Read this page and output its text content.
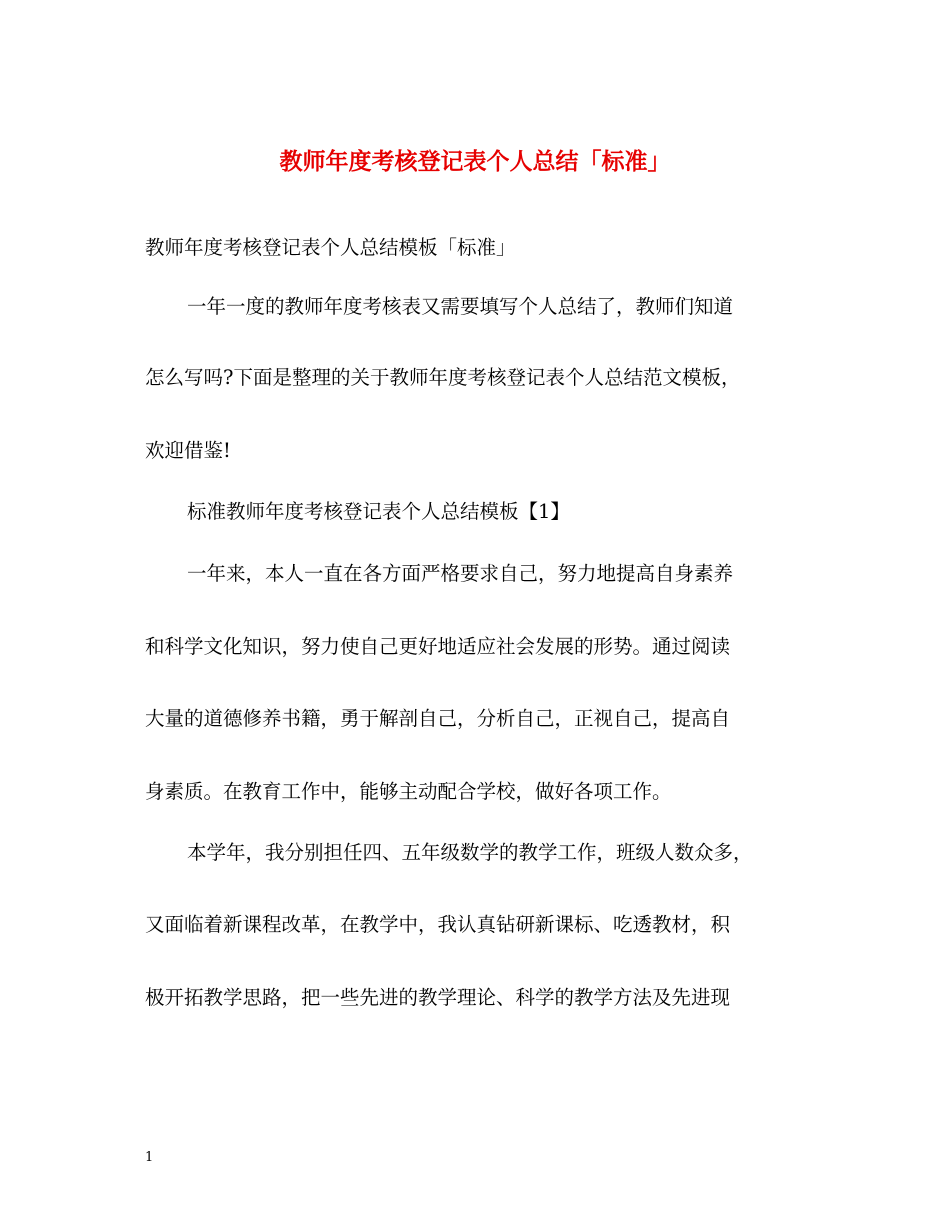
教师年度考核登记表个人总结「标准」
教师年度考核登记表个人总结模板「标准」
一年一度的教师年度考核表又需要填写个人总结了，教师们知道
怎么写吗?下面是整理的关于教师年度考核登记表个人总结范文模板，
欢迎借鉴!
标准教师年度考核登记表个人总结模板【1】
一年来，本人一直在各方面严格要求自己，努力地提高自身素养
和科学文化知识，努力使自己更好地适应社会发展的形势。通过阅读
大量的道德修养书籍，勇于解剖自己，分析自己，正视自己，提高自
身素质。在教育工作中，能够主动配合学校，做好各项工作。
本学年，我分别担任四、五年级数学的教学工作，班级人数众多，
又面临着新课程改革，在教学中，我认真钻研新课标、吃透教材，积
极开拓教学思路，把一些先进的教学理论、科学的教学方法及先进现
1
